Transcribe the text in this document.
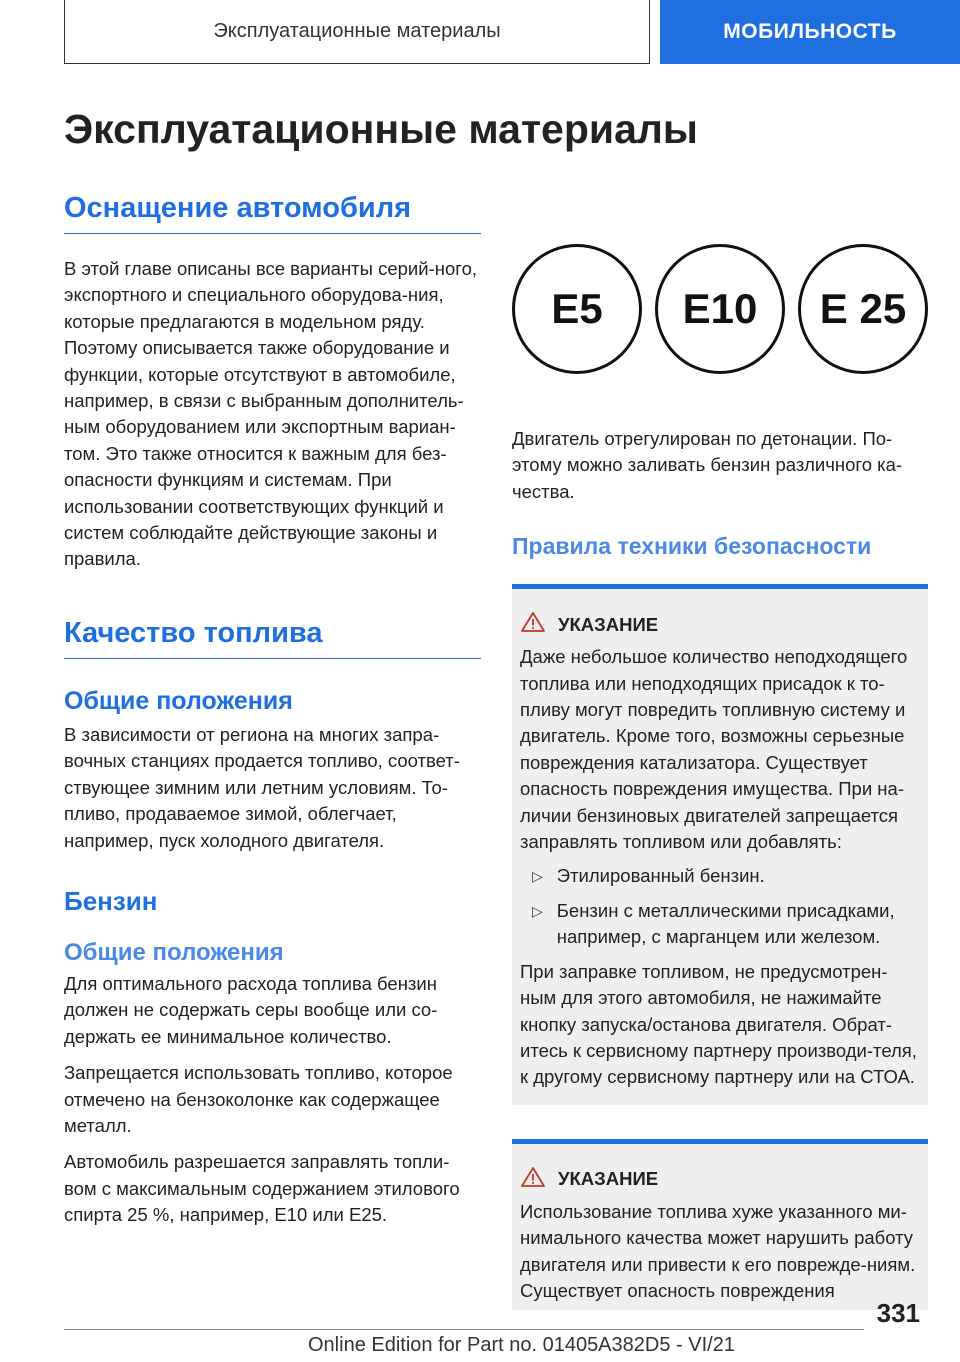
Эксплуатационные материалы	МОБИЛЬНОСТЬ
Эксплуатационные материалы
Оснащение автомобиля

В этой главе описаны все варианты серий-ного, экспортного и специального оборудова-ния, которые предлагаются в модельном ряду. Поэтому описывается также оборудование и функции, которые отсутствуют в автомобиле, например, в связи с выбранным дополнитель-ным оборудованием или экспортным вариан-том. Это также относится к важным для без-опасности функциям и системам. При использовании соответствующих функций и систем соблюдайте действующие законы и правила.

Качество топлива
Общие положения

В зависимости от региона на многих запра-вочных станциях продается топливо, соответ-ствующее зимним или летним условиям. То-пливо, продаваемое зимой, облегчает, например, пуск холодного двигателя.

Бензин
Общие положения

Для оптимального расхода топлива бензин должен не содержать серы вообще или со-держать ее минимальное количество.

Запрещается использовать топливо, которое отмечено на бензоколонке как содержащее металл.

Автомобиль разрешается заправлять топли-вом с максимальным содержанием этилового спирта 25 %, например, E10 или E25.

E5	E10	E 25

Двигатель отрегулирован по детонации. По-этому можно заливать бензин различного ка-чества.

Правила техники безопасности
УКАЗАНИЕ

Даже небольшое количество неподходящего топлива или неподходящих присадок к то-пливу могут повредить топливную систему и двигатель. Кроме того, возможны серьезные повреждения катализатора. Существует опасность повреждения имущества. При на-личии бензиновых двигателей запрещается заправлять топливом или добавлять:

▷ Этилированный бензин.

▷ Бензин с металлическими присадками, например, с марганцем или железом.

При заправке топливом, не предусмотрен-ным для этого автомобиля, не нажимайте кнопку запуска/останова двигателя. Обрат-итесь к сервисному партнеру производи-теля, к другому сервисному партнеру или на СТОА.

УКАЗАНИЕ

Использование топлива хуже указанного ми-нимального качества может нарушить работу двигателя или привести к его поврежде-ниям. Существует опасность повреждения

331
Online Edition for Part no. 01405A382D5 - VI/21
